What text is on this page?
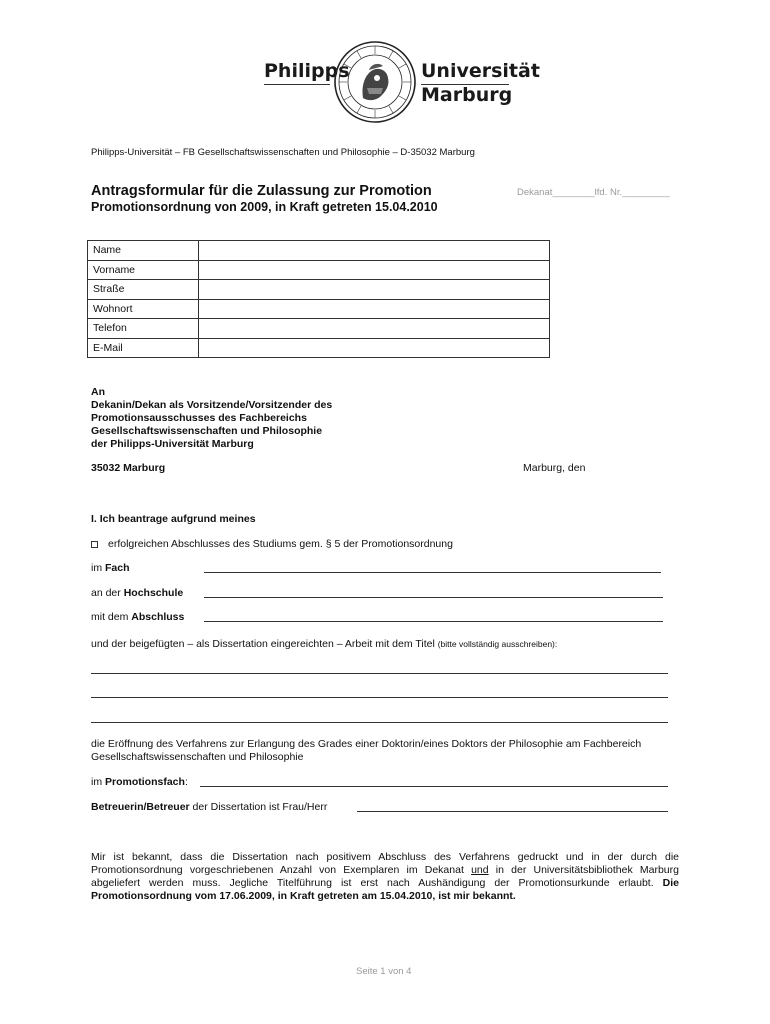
Philipps	Universität
Marburg
Philipps-Universität – FB Gesellschaftswissenschaften und Philosophie – D-35032 Marburg
Antragsformular für die Zulassung zur Promotion
Promotionsordnung von 2009, in Kraft getreten 15.04.2010
Dekanat________lfd. Nr._________
Name	
Vorname	
Straße	
Wohnort	
Telefon	
E-Mail	
An
Dekanin/Dekan als Vorsitzende/Vorsitzender des
Promotionsausschusses des Fachbereichs
Gesellschaftswissenschaften und Philosophie
der Philipps-Universität Marburg
35032 Marburg	Marburg, den
I. Ich beantrage aufgrund meines
erfolgreichen Abschlusses des Studiums gem. § 5 der Promotionsordnung
im Fach
an der Hochschule
mit dem Abschluss
und der beigefügten – als Dissertation eingereichten – Arbeit mit dem Titel (bitte vollständig ausschreiben):
die Eröffnung des Verfahrens zur Erlangung des Grades einer Doktorin/eines Doktors der Philosophie am Fachbereich Gesellschaftswissenschaften und Philosophie
im Promotionsfach:
Betreuerin/Betreuer der Dissertation ist Frau/Herr
Mir ist bekannt, dass die Dissertation nach positivem Abschluss des Verfahrens gedruckt und in der durch die Promotionsordnung vorgeschriebenen Anzahl von Exemplaren im Dekanat und in der Universitätsbibliothek Marburg abgeliefert werden muss. Jegliche Titelführung ist erst nach Aushändigung der Promotionsurkunde erlaubt. Die Promotionsordnung vom 17.06.2009, in Kraft getreten am 15.04.2010, ist mir bekannt.
Seite 1 von 4
